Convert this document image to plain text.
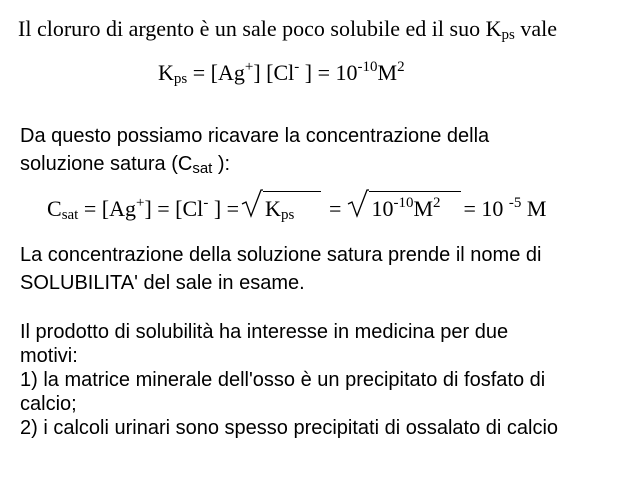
Il cloruro di argento è un sale poco solubile ed il suo $K_{ps}$ vale
$K_{ps} = [Ag^+]$ [Cl- ] = $10^{-10}M^2$
Da questo possiamo ricavare la concentrazione della
soluzione satura ($C_{sat}$ ):
$C_{sat} = [Ag^+] = [Cl^-$ ] = $K_{ps} = 10^{-10}M^2 = 10$ $^{-5}$ M
La concentrazione della soluzione satura prende il nome di
SOLUBILITA' del sale in esame.
Il prodotto di solubilità ha interesse in medicina per due
motivi:
1) la matrice minerale dell'osso è un precipitato di fosfato di
calcio;
2) i calcoli urinari sono spesso precipitati di ossalato di calcio
